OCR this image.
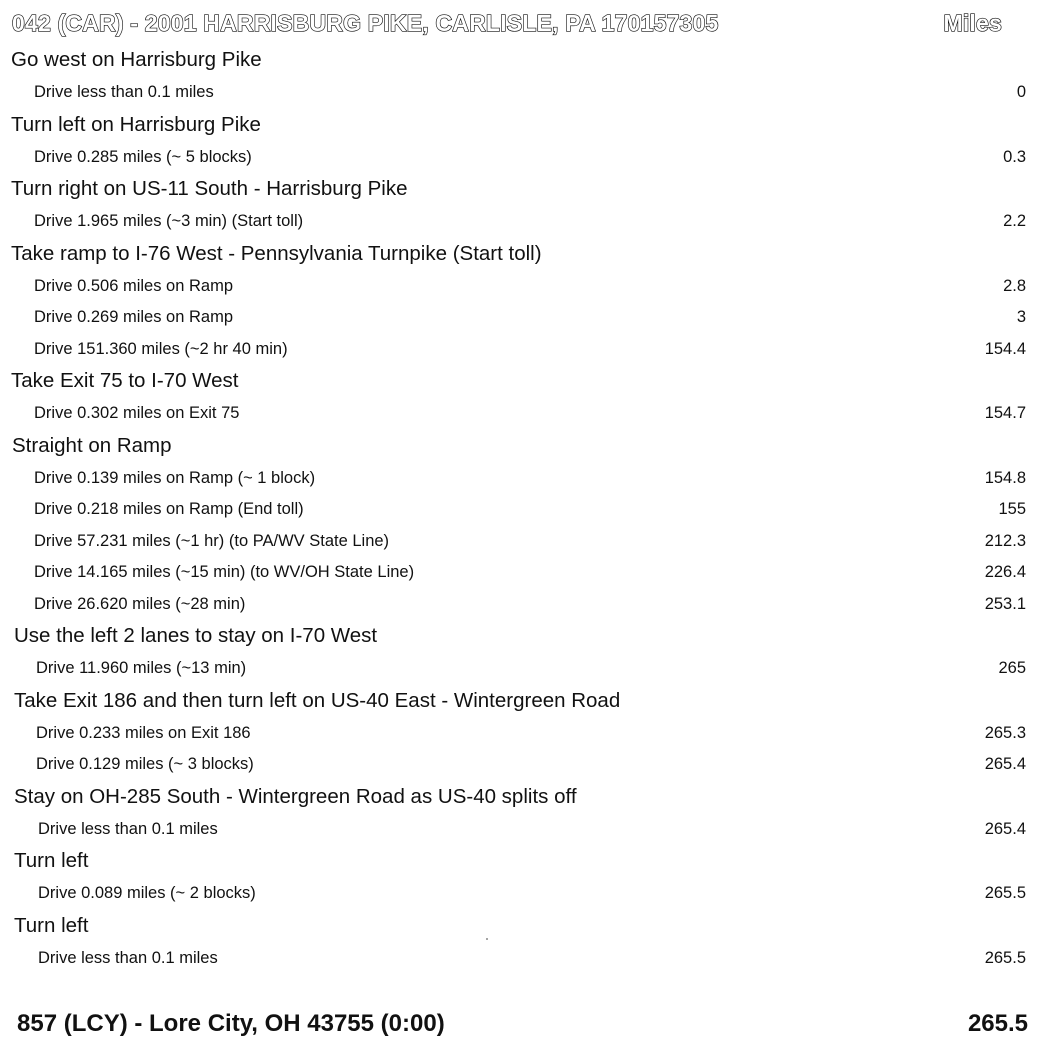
042 (CAR) - 2001 HARRISBURG PIKE, CARLISLE, PA 170157305	Miles
Go west on Harrisburg Pike
Drive less than 0.1 miles	0
Turn left on Harrisburg Pike
Drive 0.285 miles (~ 5 blocks)	0.3
Turn right on US-11 South - Harrisburg Pike
Drive 1.965 miles (~3 min) (Start toll)	2.2
Take ramp to I-76 West - Pennsylvania Turnpike (Start toll)
Drive 0.506 miles on Ramp	2.8
Drive 0.269 miles on Ramp	3
Drive 151.360 miles (~2 hr 40 min)	154.4
Take Exit 75 to I-70 West
Drive 0.302 miles on Exit 75	154.7
Straight on Ramp
Drive 0.139 miles on Ramp (~ 1 block)	154.8
Drive 0.218 miles on Ramp (End toll)	155
Drive 57.231 miles (~1 hr) (to PA/WV State Line)	212.3
Drive 14.165 miles (~15 min) (to WV/OH State Line)	226.4
Drive 26.620 miles (~28 min)	253.1
Use the left 2 lanes to stay on I-70 West
Drive 11.960 miles (~13 min)	265
Take Exit 186 and then turn left on US-40 East - Wintergreen Road
Drive 0.233 miles on Exit 186	265.3
Drive 0.129 miles (~ 3 blocks)	265.4
Stay on OH-285 South - Wintergreen Road as US-40 splits off
Drive less than 0.1 miles	265.4
Turn left
Drive 0.089 miles (~ 2 blocks)	265.5
Turn left
Drive less than 0.1 miles	265.5
857 (LCY) - Lore City, OH 43755 (0:00)	265.5
